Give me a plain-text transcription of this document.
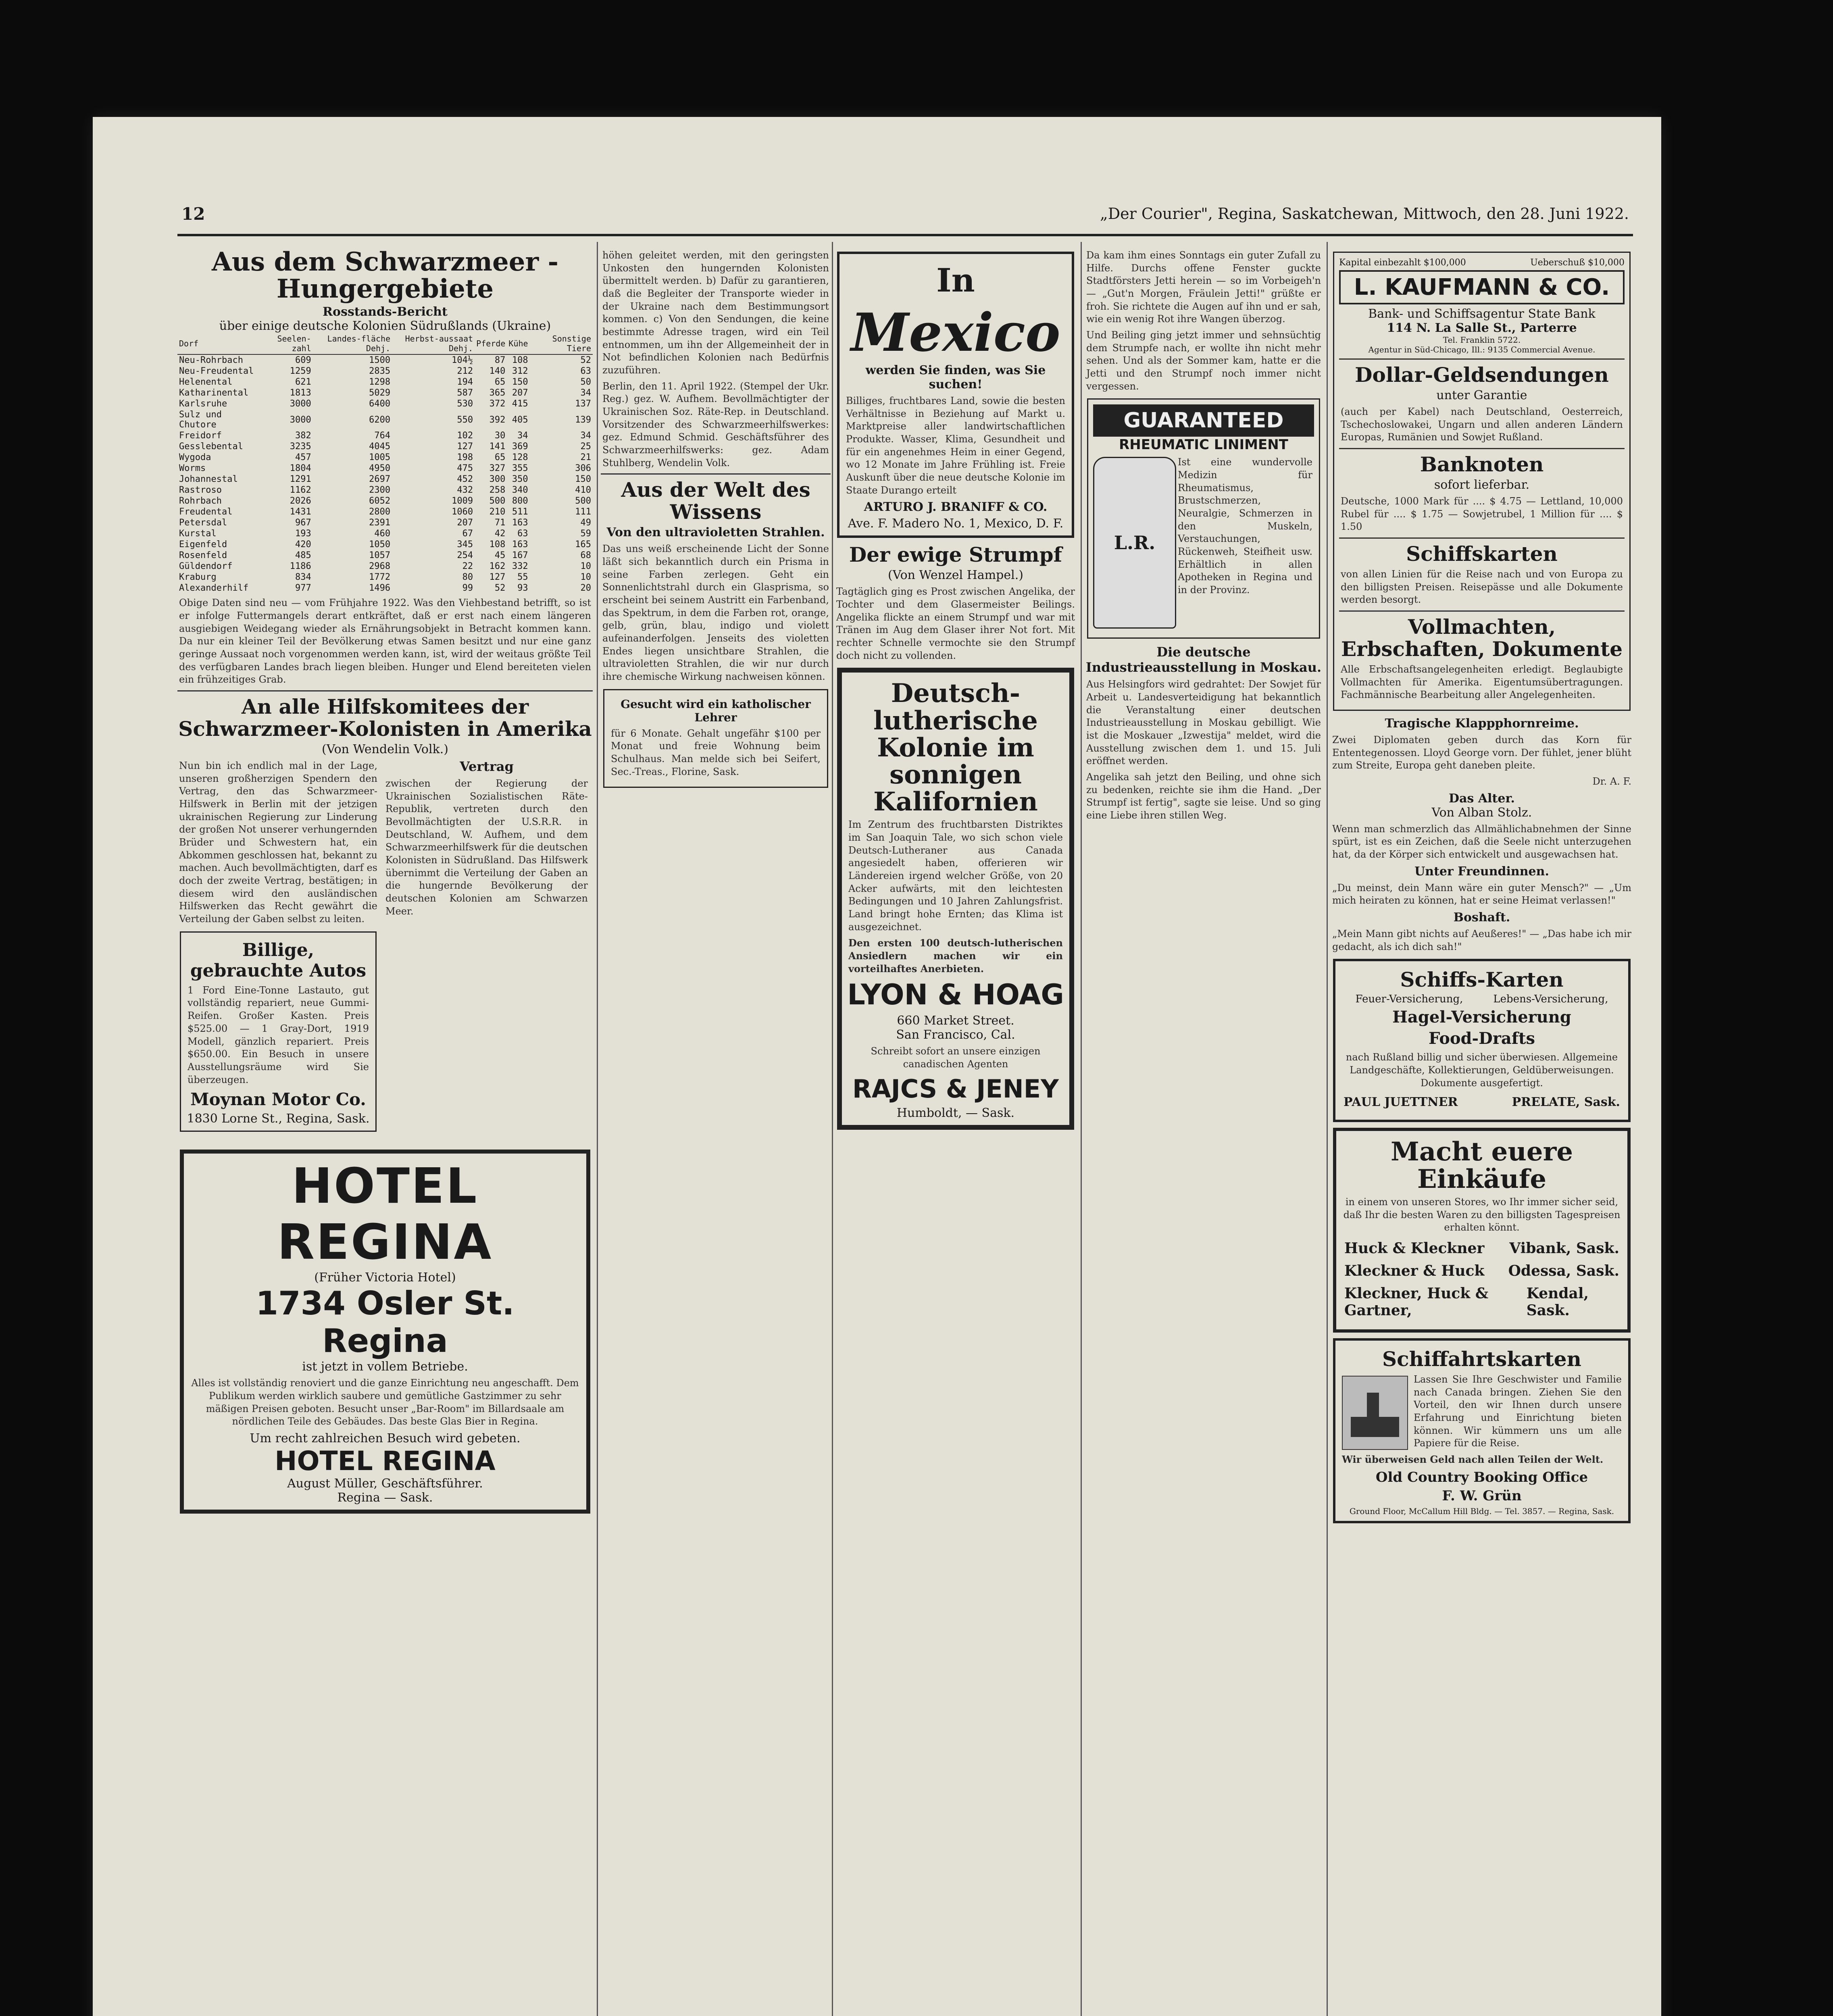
12	„Der Courier", Regina, Saskatchewan, Mittwoch, den 28. Juni 1922.
Aus dem Schwarzmeer - Hungergebiete
Rosstands-Bericht
über einige deutsche Kolonien Südrußlands (Ukraine)
Dorf	Seelen-zahl	Landes-fläche Dehj.	Herbst-aussaat Dehj.	Pferde	Kühe	Sonstige Tiere
Neu-Rohrbach	609	1500	104½	87	108	52
Neu-Freudental	1259	2835	212	140	312	63
Helenental	621	1298	194	65	150	50
Katharinental	1813	5029	587	365	207	34
Karlsruhe	3000	6400	530	372	415	137
Sulz und Chutore	3000	6200	550	392	405	139
Freidorf	382	764	102	30	34	34
Gesslebental	3235	4045	127	141	369	25
Wygoda	457	1005	198	65	128	21
Worms	1804	4950	475	327	355	306
Johannestal	1291	2697	452	300	350	150
Rastroso	1162	2300	432	258	340	410
Rohrbach	2026	6052	1009	500	800	500
Freudental	1431	2800	1060	210	511	111
Petersdal	967	2391	207	71	163	49
Kurstal	193	460	67	42	63	59
Eigenfeld	420	1050	345	108	163	165
Rosenfeld	485	1057	254	45	167	68
Güldendorf	1186	2968	22	162	332	10
Kraburg	834	1772	80	127	55	10
Alexanderhilf	977	1496	99	52	93	20
Obige Daten sind neu — vom Frühjahre 1922. Was den Viehbestand betrifft, so ist er infolge Futtermangels derart entkräftet, daß er erst nach einem längeren ausgiebigen Weidegang wieder als Ernährungsobjekt in Betracht kommen kann. Da nur ein kleiner Teil der Bevölkerung etwas Samen besitzt und nur eine ganz geringe Aussaat noch vorgenommen werden kann, ist, wird der weitaus größte Teil des verfügbaren Landes brach liegen bleiben. Hunger und Elend bereiteten vielen ein frühzeitiges Grab.
An alle Hilfskomitees der Schwarzmeer-Kolonisten in Amerika
(Von Wendelin Volk.)
Nun bin ich endlich mal in der Lage, unseren großherzigen Spendern den Vertrag, den das Schwarzmeer-Hilfswerk in Berlin mit der jetzigen ukrainischen Regierung zur Linderung der großen Not unserer verhungernden Brüder und Schwestern hat, ein Abkommen geschlossen hat, bekannt zu machen. Auch bevollmächtigten, darf es doch der zweite Vertrag, bestätigen; in diesem wird den ausländischen Hilfswerken das Recht gewährt die Verteilung der Gaben selbst zu leiten.
Billige, gebrauchte Autos
1 Ford Eine-Tonne Lastauto, gut vollständig repariert, neue Gummi-Reifen. Großer Kasten. Preis $525.00 — 1 Gray-Dort, 1919 Modell, gänzlich repariert. Preis $650.00. Ein Besuch in unsere Ausstellungsräume wird Sie überzeugen.
Moynan Motor Co.
1830 Lorne St., Regina, Sask.
Vertrag
zwischen der Regierung der Ukrainischen Sozialistischen Räte-Republik, vertreten durch den Bevollmächtigten der U.S.R.R. in Deutschland, W. Aufhem, und dem Schwarzmeerhilfswerk für die deutschen Kolonisten in Südrußland. Das Hilfswerk übernimmt die Verteilung der Gaben an die hungernde Bevölkerung der deutschen Kolonien am Schwarzen Meer.
HOTEL REGINA
(Früher Victoria Hotel)
1734 Osler St. Regina
ist jetzt in vollem Betriebe.
Alles ist vollständig renoviert und die ganze Einrichtung neu angeschafft. Dem Publikum werden wirklich saubere und gemütliche Gastzimmer zu sehr mäßigen Preisen geboten. Besucht unser „Bar-Room" im Billardsaale am nördlichen Teile des Gebäudes. Das beste Glas Bier in Regina.
Um recht zahlreichen Besuch wird gebeten.
HOTEL REGINA
August Müller, Geschäftsführer.
Regina — Sask.
höhen geleitet werden, mit den geringsten Unkosten den hungernden Kolonisten übermittelt werden. b) Dafür zu garantieren, daß die Begleiter der Transporte wieder in der Ukraine nach dem Bestimmungsort kommen. c) Von den Sendungen, die keine bestimmte Adresse tragen, wird ein Teil entnommen, um ihn der Allgemeinheit der in Not befindlichen Kolonien nach Bedürfnis zuzuführen.
Berlin, den 11. April 1922. (Stempel der Ukr. Reg.) gez. W. Aufhem. Bevollmächtigter der Ukrainischen Soz. Räte-Rep. in Deutschland. Vorsitzender des Schwarzmeerhilfswerkes: gez. Edmund Schmid. Geschäftsführer des Schwarzmeerhilfswerks: gez. Adam Stuhlberg, Wendelin Volk.
Aus der Welt des Wissens
Von den ultravioletten Strahlen.
Das uns weiß erscheinende Licht der Sonne läßt sich bekanntlich durch ein Prisma in seine Farben zerlegen. Geht ein Sonnenlichtstrahl durch ein Glasprisma, so erscheint bei seinem Austritt ein Farbenband, das Spektrum, in dem die Farben rot, orange, gelb, grün, blau, indigo und violett aufeinanderfolgen. Jenseits des violetten Endes liegen unsichtbare Strahlen, die ultravioletten Strahlen, die wir nur durch ihre chemische Wirkung nachweisen können.
Gesucht wird ein katholischer Lehrer
für 6 Monate. Gehalt ungefähr $100 per Monat und freie Wohnung beim Schulhaus. Man melde sich bei Seifert, Sec.-Treas., Florine, Sask.
In
Mexico
werden Sie finden, was Sie suchen!
Billiges, fruchtbares Land, sowie die besten Verhältnisse in Beziehung auf Markt u. Marktpreise aller landwirtschaftlichen Produkte. Wasser, Klima, Gesundheit und für ein angenehmes Heim in einer Gegend, wo 12 Monate im Jahre Frühling ist. Freie Auskunft über die neue deutsche Kolonie im Staate Durango erteilt
ARTURO J. BRANIFF & CO.
Ave. F. Madero No. 1, Mexico, D. F.
Der ewige Strumpf
(Von Wenzel Hampel.)
Tagtäglich ging es Prost zwischen Angelika, der Tochter und dem Glasermeister Beilings. Angelika flickte an einem Strumpf und war mit Tränen im Aug dem Glaser ihrer Not fort. Mit rechter Schnelle vermochte sie den Strumpf doch nicht zu vollenden.
Deutsch-lutherische Kolonie im sonnigen Kalifornien
Im Zentrum des fruchtbarsten Distriktes im San Joaquin Tale, wo sich schon viele Deutsch-Lutheraner aus Canada angesiedelt haben, offerieren wir Ländereien irgend welcher Größe, von 20 Acker aufwärts, mit den leichtesten Bedingungen und 10 Jahren Zahlungsfrist. Land bringt hohe Ernten; das Klima ist ausgezeichnet.
Den ersten 100 deutsch-lutherischen Ansiedlern machen wir ein vorteilhaftes Anerbieten.
LYON & HOAG
660 Market Street.
San Francisco, Cal.
Schreibt sofort an unsere einzigen canadischen Agenten
RAJCS & JENEY
Humboldt, — Sask.
Da kam ihm eines Sonntags ein guter Zufall zu Hilfe. Durchs offene Fenster guckte Stadtförsters Jetti herein — so im Vorbeigeh'n — „Gut'n Morgen, Fräulein Jetti!" grüßte er froh. Sie richtete die Augen auf ihn und er sah, wie ein wenig Rot ihre Wangen überzog.
Und Beiling ging jetzt immer und sehnsüchtig dem Strumpfe nach, er wollte ihn nicht mehr sehen. Und als der Sommer kam, hatte er die Jetti und den Strumpf noch immer nicht vergessen.
GUARANTEED
RHEUMATIC LINIMENT
L.R.
Ist eine wundervolle Medizin für Rheumatismus, Brustschmerzen, Neuralgie, Schmerzen in den Muskeln, Verstauchungen, Rückenweh, Steifheit usw. Erhältlich in allen Apotheken in Regina und in der Provinz.
Die deutsche Industrieausstellung in Moskau.
Aus Helsingfors wird gedrahtet: Der Sowjet für Arbeit u. Landesverteidigung hat bekanntlich die Veranstaltung einer deutschen Industrieausstellung in Moskau gebilligt. Wie ist die Moskauer „Izwestija" meldet, wird die Ausstellung zwischen dem 1. und 15. Juli eröffnet werden.
Angelika sah jetzt den Beiling, und ohne sich zu bedenken, reichte sie ihm die Hand. „Der Strumpf ist fertig", sagte sie leise. Und so ging eine Liebe ihren stillen Weg.
Kapital einbezahlt $100,000	Ueberschuß $10,000
L. KAUFMANN & CO.
Bank- und Schiffsagentur State Bank
114 N. La Salle St., Parterre
Tel. Franklin 5722.
Agentur in Süd-Chicago, Ill.: 9135 Commercial Avenue.
Dollar-Geldsendungen
unter Garantie
(auch per Kabel) nach Deutschland, Oesterreich, Tschechoslowakei, Ungarn und allen anderen Ländern Europas, Rumänien und Sowjet Rußland.
Banknoten
sofort lieferbar.
Deutsche, 1000 Mark für .... $ 4.75 — Lettland, 10,000 Rubel für .... $ 1.75 — Sowjetrubel, 1 Million für .... $ 1.50
Schiffskarten
von allen Linien für die Reise nach und von Europa zu den billigsten Preisen. Reisepässe und alle Dokumente werden besorgt.
Vollmachten, Erbschaften, Dokumente
Alle Erbschaftsangelegenheiten erledigt. Beglaubigte Vollmachten für Amerika. Eigentumsübertragungen. Fachmännische Bearbeitung aller Angelegenheiten.
Tragische Klappphornreime.
Zwei Diplomaten geben durch das Korn für Ententegenossen. Lloyd George vorn. Der fühlet, jener blüht zum Streite, Europa geht daneben pleite.
Dr. A. F.
Das Alter.
Von Alban Stolz.
Wenn man schmerzlich das Allmählichabnehmen der Sinne spürt, ist es ein Zeichen, daß die Seele nicht unterzugehen hat, da der Körper sich entwickelt und ausgewachsen hat.
Unter Freundinnen.
„Du meinst, dein Mann wäre ein guter Mensch?" — „Um mich heiraten zu können, hat er seine Heimat verlassen!"
Boshaft.
„Mein Mann gibt nichts auf Aeußeres!" — „Das habe ich mir gedacht, als ich dich sah!"
Schiffs-Karten
Feuer-Versicherung,	Lebens-Versicherung,
Hagel-Versicherung
Food-Drafts
nach Rußland billig und sicher überwiesen. Allgemeine Landgeschäfte, Kollektierungen, Geldüberweisungen. Dokumente ausgefertigt.
PAUL JUETTNER	PRELATE, Sask.
Macht euere Einkäufe
in einem von unseren Stores, wo Ihr immer sicher seid, daß Ihr die besten Waren zu den billigsten Tagespreisen erhalten könnt.
Huck & Kleckner Vibank, Sask.
Kleckner & Huck Odessa, Sask.
Kleckner, Huck & Gartner,
Kendal, Sask.
Schiffahrtskarten
Lassen Sie Ihre Geschwister und Familie nach Canada bringen. Ziehen Sie den Vorteil, den wir Ihnen durch unsere Erfahrung und Einrichtung bieten können. Wir kümmern uns um alle Papiere für die Reise.
Wir überweisen Geld nach allen Teilen der Welt.
Old Country Booking Office
F. W. Grün
Ground Floor, McCallum Hill Bldg. — Tel. 3857. — Regina, Sask.
